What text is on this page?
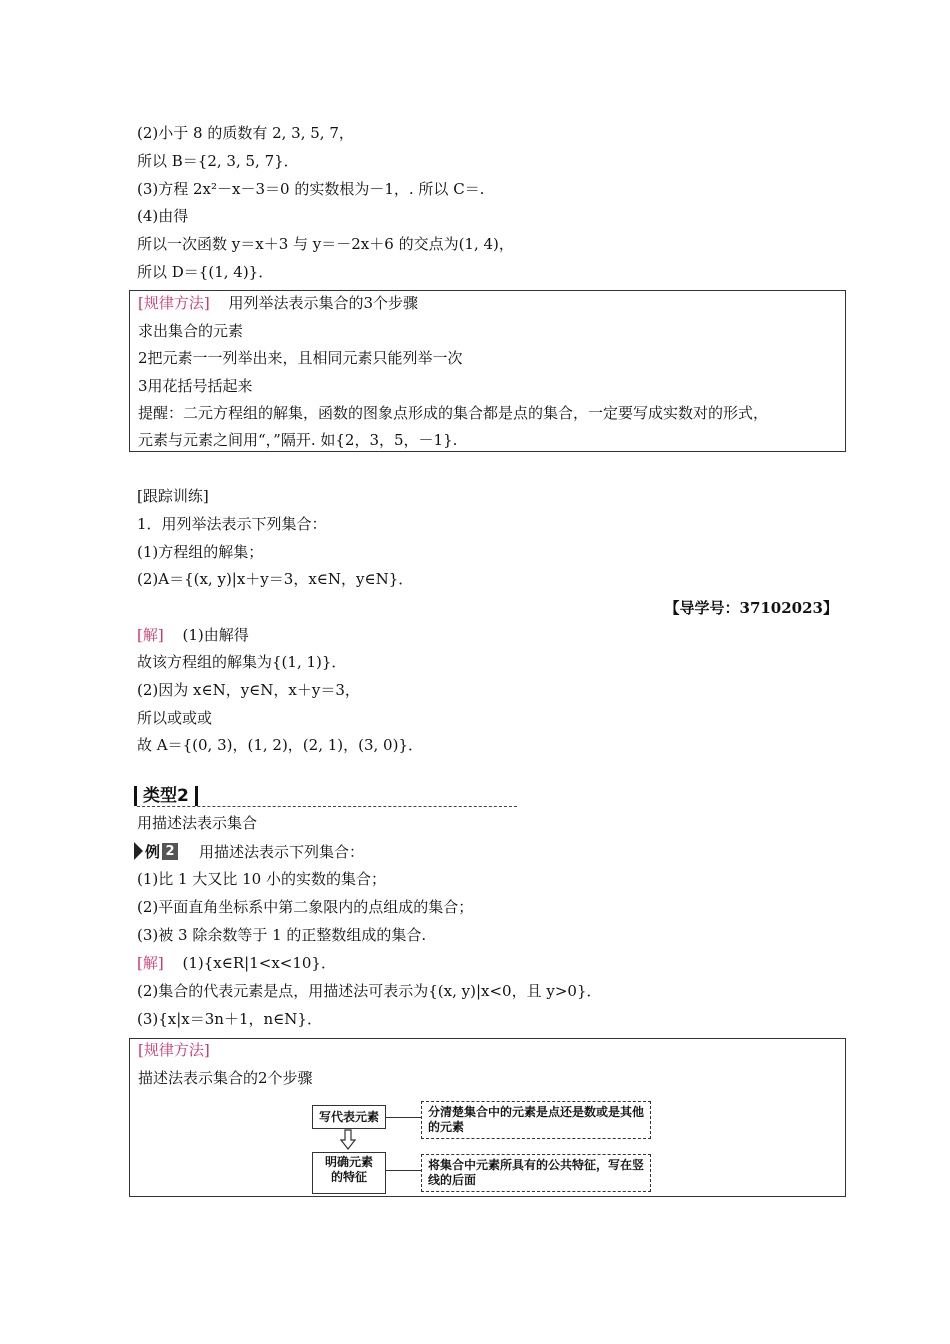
(2)小于 8 的质数有 2, 3, 5, 7，
所以 B＝{2, 3, 5, 7}．
(3)方程 2x²－x－3＝0 的实数根为－1，. 所以 C＝.
(4)由得
所以一次函数 y＝x＋3 与 y＝－2x＋6 的交点为(1, 4)，
所以 D＝{(1, 4)}．
[规律方法] 用列举法表示集合的3个步骤
求出集合的元素
2把元素一一列举出来，且相同元素只能列举一次
3用花括号括起来
提醒：二元方程组的解集，函数的图象点形成的集合都是点的集合，一定要写成实数对的形式，
元素与元素之间用“，”隔开. 如{2，3，5，－1}.
[跟踪训练]
1．用列举法表示下列集合：
(1)方程组的解集；
(2)A＝{(x, y)|x＋y＝3，x∈N，y∈N}．
【导学号：37102023】
[解] (1)由解得
故该方程组的解集为{(1, 1)}．
(2)因为 x∈N，y∈N，x＋y＝3，
所以或或或
故 A＝{(0, 3)，(1, 2)，(2, 1)，(3, 0)}．
类型2
用描述法表示集合
例 2 用描述法表示下列集合：
(1)比 1 大又比 10 小的实数的集合；
(2)平面直角坐标系中第二象限内的点组成的集合；
(3)被 3 除余数等于 1 的正整数组成的集合.
[解] (1){x∈R|1<x<10}．
(2)集合的代表元素是点，用描述法可表示为{(x, y)|x<0，且 y>0}．
(3){x|x＝3n＋1，n∈N}．
[规律方法]
描述法表示集合的2个步骤
写代表元素	分清楚集合中的元素是点还是数或是其他的元素
明确元素
的特征
将集合中元素所具有的公共特征，写在竖线的后面
